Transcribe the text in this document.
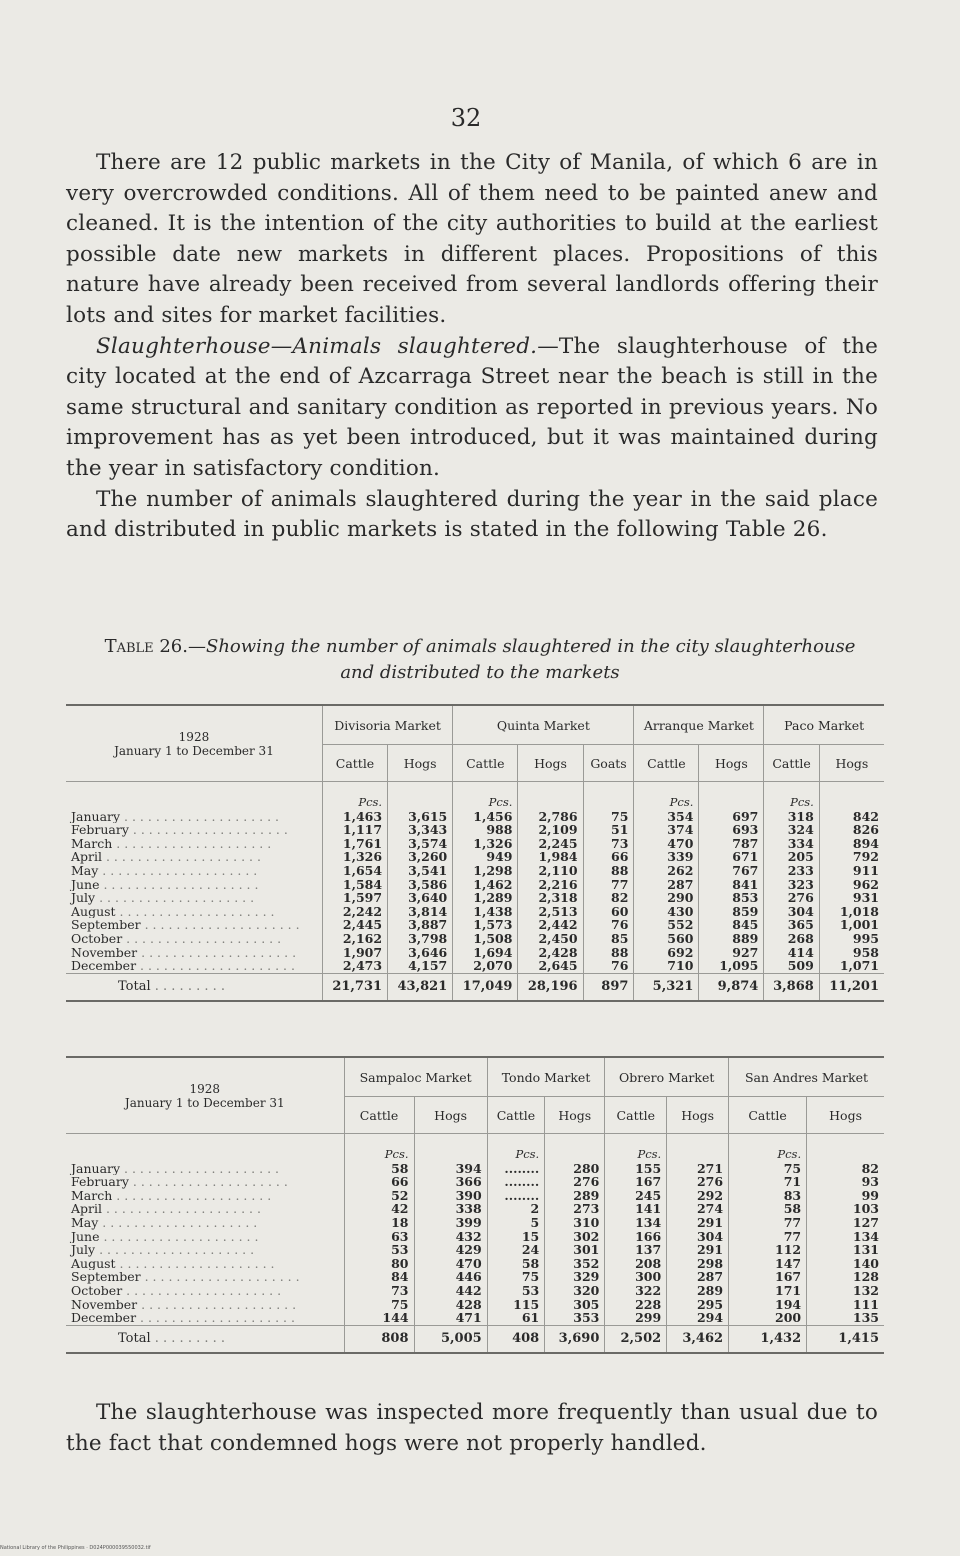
32

There are 12 public markets in the City of Manila, of which 6 are in very overcrowded conditions. All of them need to be painted anew and cleaned. It is the intention of the city authorities to build at the earliest possible date new markets in different places. Propositions of this nature have already been received from several landlords offering their lots and sites for market facilities.

Slaughterhouse—Animals slaughtered.—The slaughterhouse of the city located at the end of Azcarraga Street near the beach is still in the same structural and sanitary condition as reported in previous years. No improvement has as yet been introduced, but it was maintained during the year in satisfactory condition.

The number of animals slaughtered during the year in the said place and distributed in public markets is stated in the following Table 26.

Table 26.—Showing the number of animals slaughtered in the city slaughterhouse and distributed to the markets
1928
January 1 to December 31	Divisoria Market		Quinta Market			Arranque Market		Paco Market	
	Cattle	Hogs	Cattle	Hogs	Goats	Cattle	Hogs	Cattle	Hogs
	Pcs.		Pcs.			Pcs.		Pcs.	
January . . .	1,463	3,615	1,456	2,786	75	354	697	318	842
February . . .	1,117	3,343	988	2,109	51	374	693	324	826
March . . .	1,761	3,574	1,326	2,245	73	470	787	334	894
April . . .	1,326	3,260	949	1,984	66	339	671	205	792
May . . .	1,654	3,541	1,298	2,110	88	262	767	233	911
June . . .	1,584	3,586	1,462	2,216	77	287	841	323	962
July . . .	1,597	3,640	1,289	2,318	82	290	853	276	931
August . . .	2,242	3,814	1,438	2,513	60	430	859	304	1,018
September . . .	2,445	3,887	1,573	2,442	76	552	845	365	1,001
October . . .	2,162	3,798	1,508	2,450	85	560	889	268	995
November . . .	1,907	3,646	1,694	2,428	88	692	927	414	958
December . . .	2,473	4,157	2,070	2,645	76	710	1,095	509	1,071
Total . . .	21,731	43,821	17,049	28,196	897	5,321	9,874	3,868	11,201
1928
January 1 to December 31	Sampaloc Market		Tondo Market		Obrero Market		San Andres Market	
	Cattle	Hogs	Cattle	Hogs	Cattle	Hogs	Cattle	Hogs
	Pcs.		Pcs.		Pcs.		Pcs.	
January . . .	58	394	........	280	155	271	75	82
February . . .	66	366	........	276	167	276	71	93
March . . .	52	390	........	289	245	292	83	99
April . . .	42	338	2	273	141	274	58	103
May . . .	18	399	5	310	134	291	77	127
June . . .	63	432	15	302	166	304	77	134
July . . .	53	429	24	301	137	291	112	131
August . . .	80	470	58	352	208	298	147	140
September . . .	84	446	75	329	300	287	167	128
October . . .	73	442	53	320	322	289	171	132
November . . .	75	428	115	305	228	295	194	111
December . . .	144	471	61	353	299	294	200	135
Total . . .	808	5,005	408	3,690	2,502	3,462	1,432	1,415

The slaughterhouse was inspected more frequently than usual due to the fact that condemned hogs were not properly handled.

National Library of the Philippines · D024P000039550032.tif
